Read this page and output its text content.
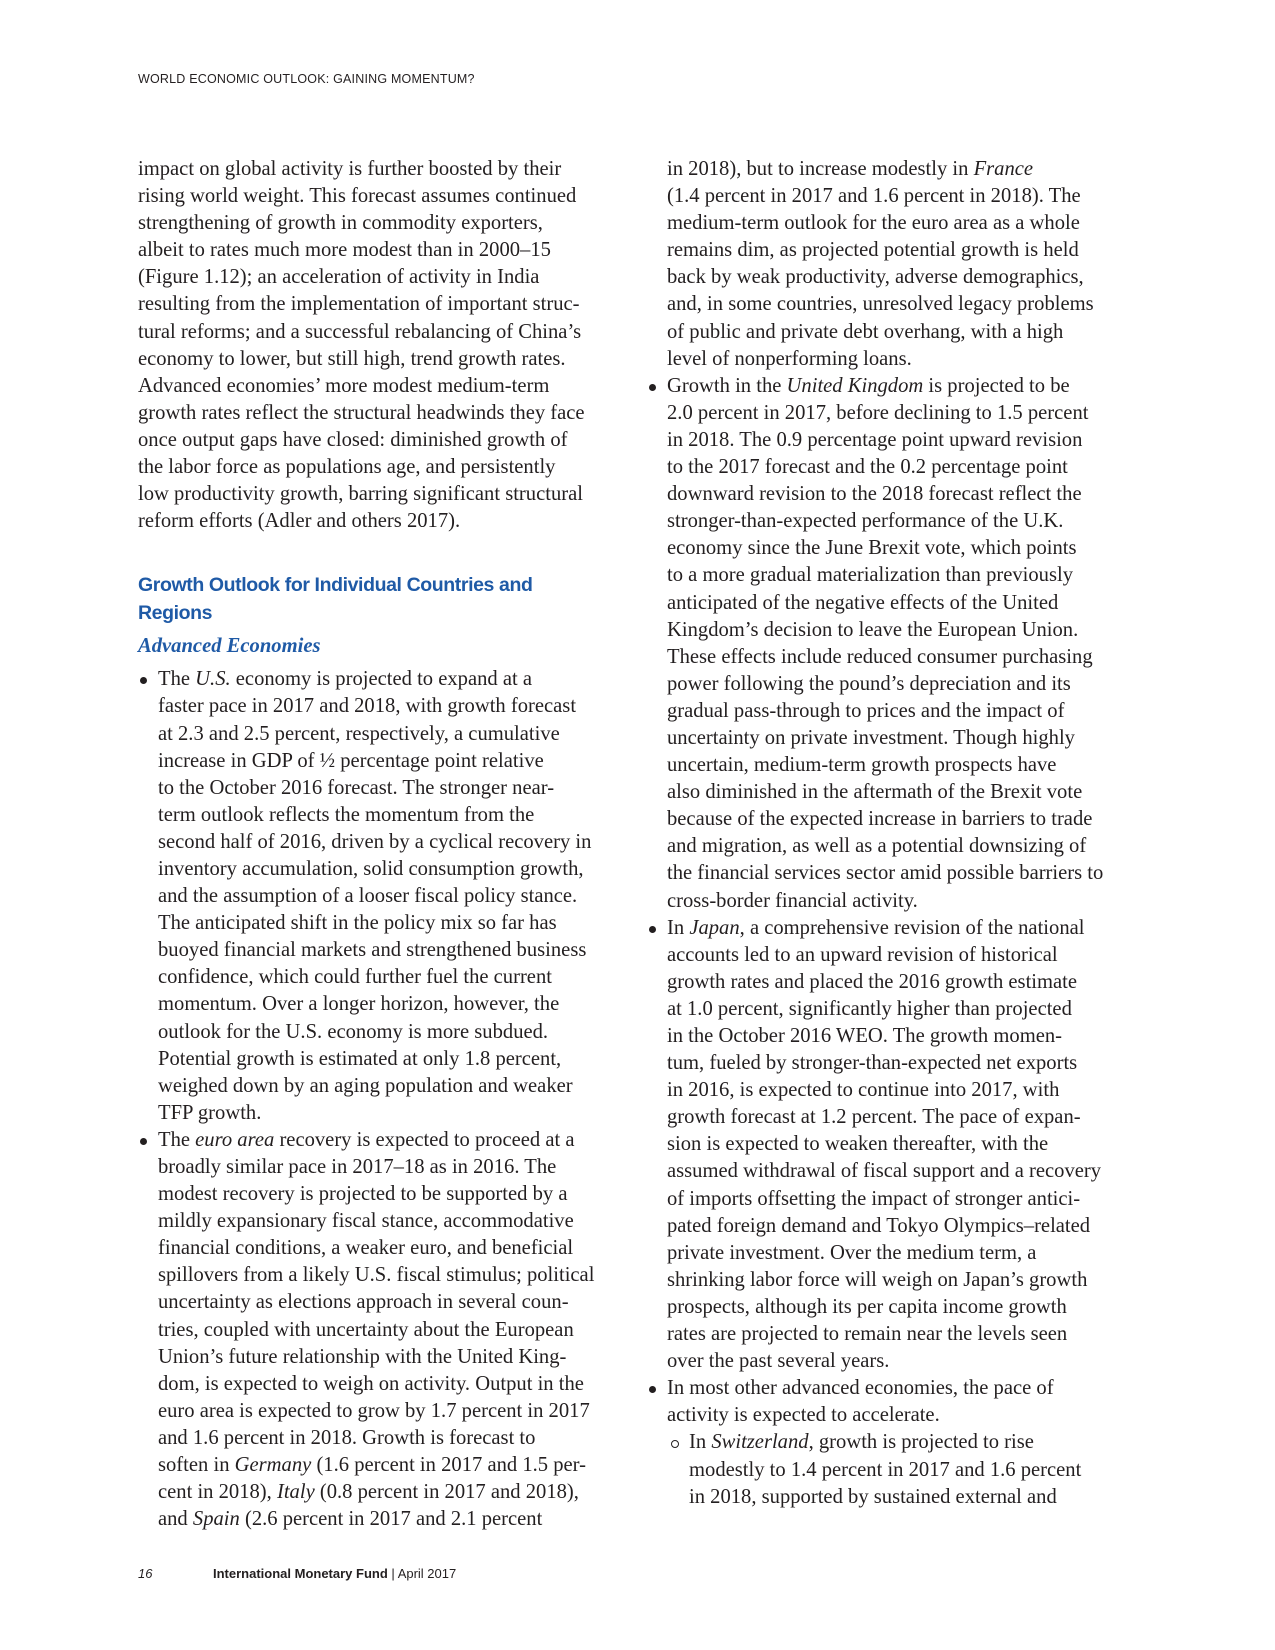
WORLD ECONOMIC OUTLOOK: GAINING MOMENTUM?

impact on global activity is further boosted by their
rising world weight. This forecast assumes continued
strengthening of growth in commodity exporters,
albeit to rates much more modest than in 2000–15
(Figure 1.12); an acceleration of activity in India
resulting from the implementation of important struc-
tural reforms; and a successful rebalancing of China’s
economy to lower, but still high, trend growth rates.
Advanced economies’ more modest medium-term
growth rates reflect the structural headwinds they face
once output gaps have closed: diminished growth of
the labor force as populations age, and persistently
low productivity growth, barring significant structural
reform efforts (Adler and others 2017).

Growth Outlook for Individual Countries and Regions
Advanced Economies
The U.S. economy is projected to expand at a
faster pace in 2017 and 2018, with growth forecast
at 2.3 and 2.5 percent, respectively, a cumulative
increase in GDP of ½ percentage point relative
to the October 2016 forecast. The stronger near-
term outlook reflects the momentum from the
second half of 2016, driven by a cyclical recovery in
inventory accumulation, solid consumption growth,
and the assumption of a looser fiscal policy stance.
The anticipated shift in the policy mix so far has
buoyed financial markets and strengthened business
confidence, which could further fuel the current
momentum. Over a longer horizon, however, the
outlook for the U.S. economy is more subdued.
Potential growth is estimated at only 1.8 percent,
weighed down by an aging population and weaker
TFP growth.
The euro area recovery is expected to proceed at a
broadly similar pace in 2017–18 as in 2016. The
modest recovery is projected to be supported by a
mildly expansionary fiscal stance, accommodative
financial conditions, a weaker euro, and beneficial
spillovers from a likely U.S. fiscal stimulus; political
uncertainty as elections approach in several coun-
tries, coupled with uncertainty about the European
Union’s future relationship with the United King-
dom, is expected to weigh on activity. Output in the
euro area is expected to grow by 1.7 percent in 2017
and 1.6 percent in 2018. Growth is forecast to
soften in Germany (1.6 percent in 2017 and 1.5 per-
cent in 2018), Italy (0.8 percent in 2017 and 2018),
and Spain (2.6 percent in 2017 and 2.1 percent
in 2018), but to increase modestly in France
(1.4 percent in 2017 and 1.6 percent in 2018). The
medium-term outlook for the euro area as a whole
remains dim, as projected potential growth is held
back by weak productivity, adverse demographics,
and, in some countries, unresolved legacy problems
of public and private debt overhang, with a high
level of nonperforming loans.
Growth in the United Kingdom is projected to be
2.0 percent in 2017, before declining to 1.5 percent
in 2018. The 0.9 percentage point upward revision
to the 2017 forecast and the 0.2 percentage point
downward revision to the 2018 forecast reflect the
stronger-than-expected performance of the U.K.
economy since the June Brexit vote, which points
to a more gradual materialization than previously
anticipated of the negative effects of the United
Kingdom’s decision to leave the European Union.
These effects include reduced consumer purchasing
power following the pound’s depreciation and its
gradual pass-through to prices and the impact of
uncertainty on private investment. Though highly
uncertain, medium-term growth prospects have
also diminished in the aftermath of the Brexit vote
because of the expected increase in barriers to trade
and migration, as well as a potential downsizing of
the financial services sector amid possible barriers to
cross-border financial activity.
In Japan, a comprehensive revision of the national
accounts led to an upward revision of historical
growth rates and placed the 2016 growth estimate
at 1.0 percent, significantly higher than projected
in the October 2016 WEO. The growth momen-
tum, fueled by stronger-than-expected net exports
in 2016, is expected to continue into 2017, with
growth forecast at 1.2 percent. The pace of expan-
sion is expected to weaken thereafter, with the
assumed withdrawal of fiscal support and a recovery
of imports offsetting the impact of stronger antici-
pated foreign demand and Tokyo Olympics–related
private investment. Over the medium term, a
shrinking labor force will weigh on Japan’s growth
prospects, although its per capita income growth
rates are projected to remain near the levels seen
over the past several years.
In most other advanced economies, the pace of
activity is expected to accelerate.
In Switzerland, growth is projected to rise
modestly to 1.4 percent in 2017 and 1.6 percent
in 2018, supported by sustained external and
16	International Monetary Fund | April 2017
